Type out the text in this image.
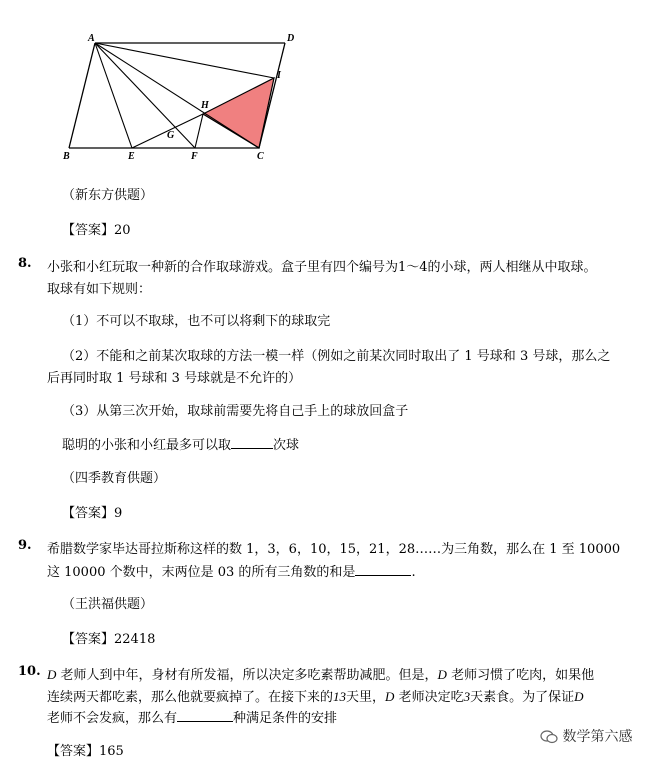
A	D
I
H
G
B	E	F	C
（新东方供题）
【答案】20
8. 小张和小红玩取一种新的合作取球游戏。盒子里有四个编号为1～4的小球，两人相继从中取球。
取球有如下规则：
（1）不可以不取球，也不可以将剩下的球取完
（2）不能和之前某次取球的方法一模一样（例如之前某次同时取出了 1 号球和 3 号球，那么之
后再同时取 1 号球和 3 号球就是不允许的）
（3）从第三次开始，取球前需要先将自己手上的球放回盒子
聪明的小张和小红最多可以取	次球
（四季教育供题）
【答案】9
9. 希腊数学家毕达哥拉斯称这样的数 1，3，6，10，15，21，28……为三角数，那么在 1 至 10000
这 10000 个数中，末两位是 03 的所有三角数的和是	.
（王洪福供题）
【答案】22418
10. D 老师人到中年，身材有所发福，所以决定多吃素帮助减肥。但是，D 老师习惯了吃肉，如果他
连续两天都吃素，那么他就要疯掉了。在接下来的13天里，D 老师决定吃3天素食。为了保证D
老师不会发疯，那么有	种满足条件的安排
【答案】165
数学第六感
